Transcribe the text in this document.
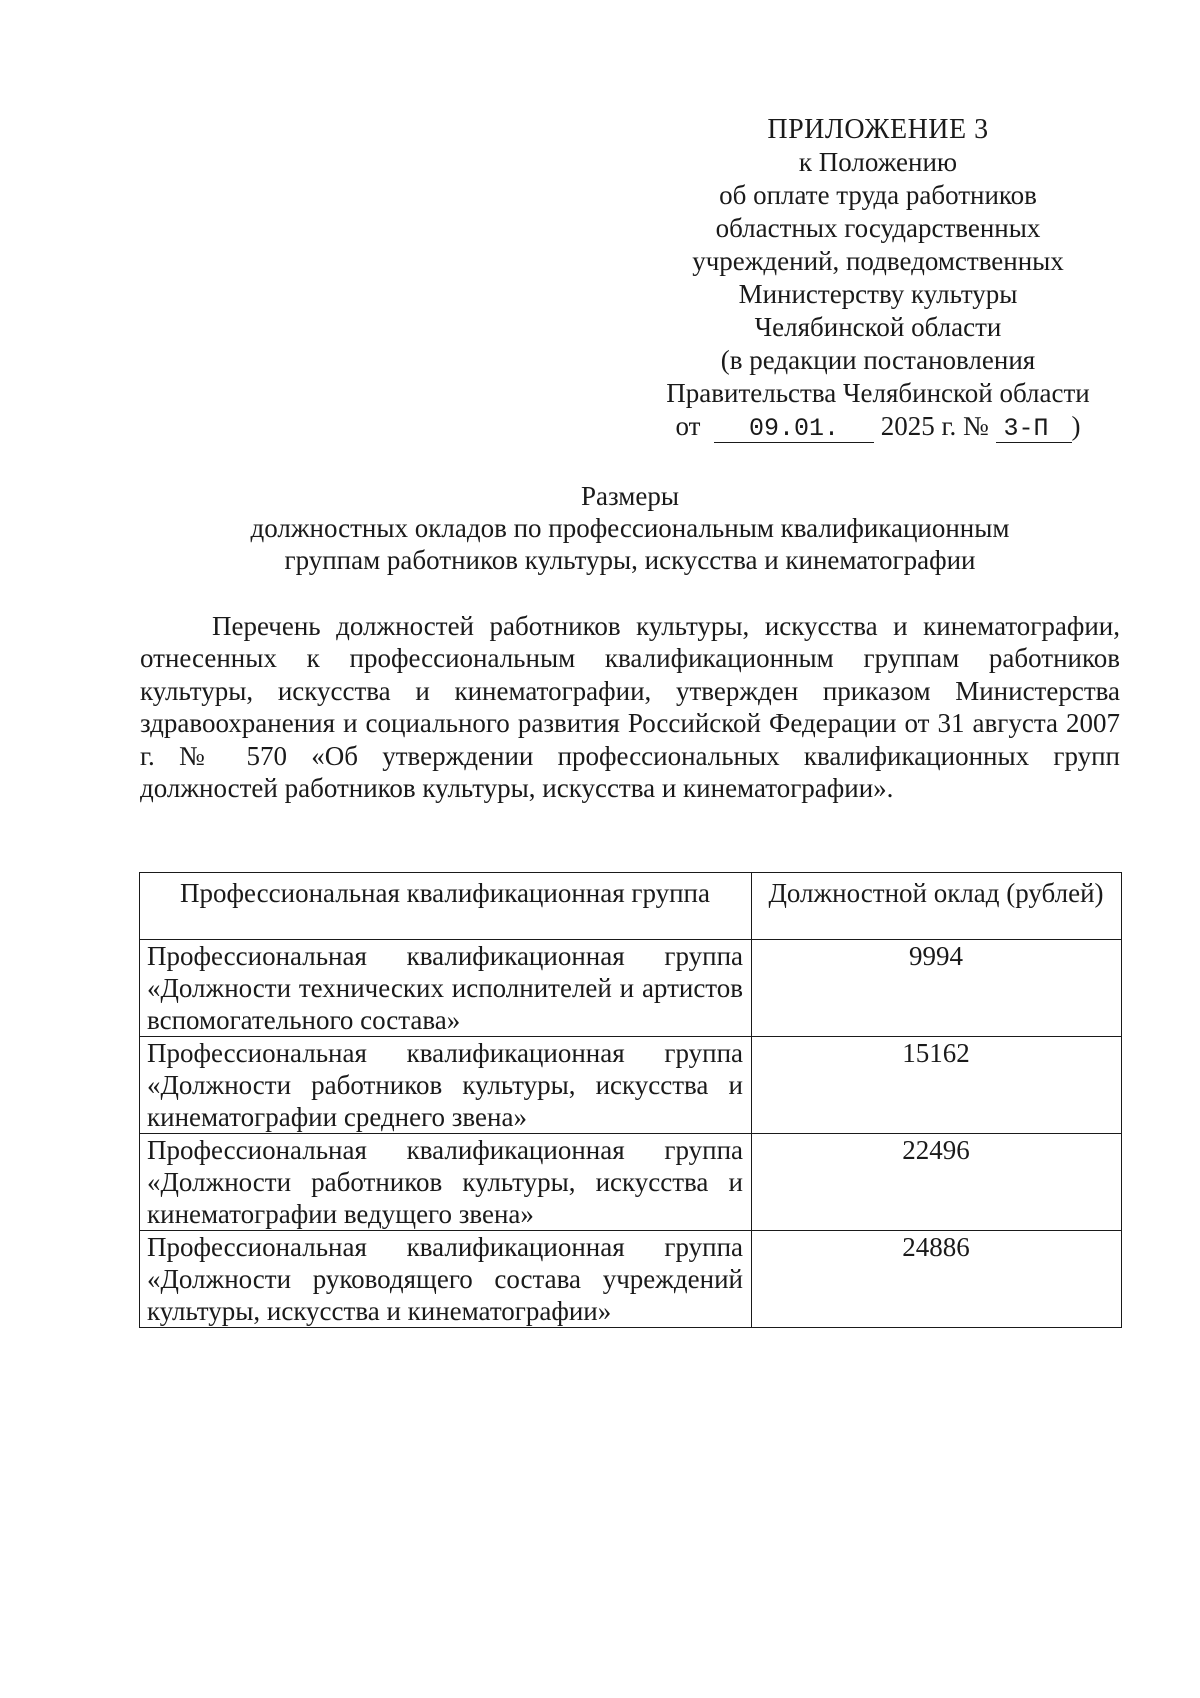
ПРИЛОЖЕНИЕ 3
к Положению
об оплате труда работников
областных государственных
учреждений, подведомственных
Министерству культуры
Челябинской области
(в редакции постановления
Правительства Челябинской области
от 09.01. 2025 г. № 3-П )
Размеры
должностных окладов по профессиональным квалификационным
группам работников культуры, искусства и кинематографии

Перечень должностей работников культуры, искусства и кинематографии, отнесенных к профессиональным квалификационным группам работников культуры, искусства и кинематографии, утвержден приказом Министерства здравоохранения и социального развития Российской Федерации от 31 августа 2007 г. № 570 «Об утверждении профессиональных квалификационных групп должностей работников культуры, искусства и кинематографии».

Профессиональная квалификационная группа	Должностной оклад (рублей)
Профессиональная квалификационная группа «Должности технических исполнителей и артистов вспомогательного состава»	9994
Профессиональная квалификационная группа «Должности работников культуры, искусства и кинематографии среднего звена»	15162
Профессиональная квалификационная группа «Должности работников культуры, искусства и кинематографии ведущего звена»	22496
Профессиональная квалификационная группа «Должности руководящего состава учреждений культуры, искусства и кинематографии»	24886
